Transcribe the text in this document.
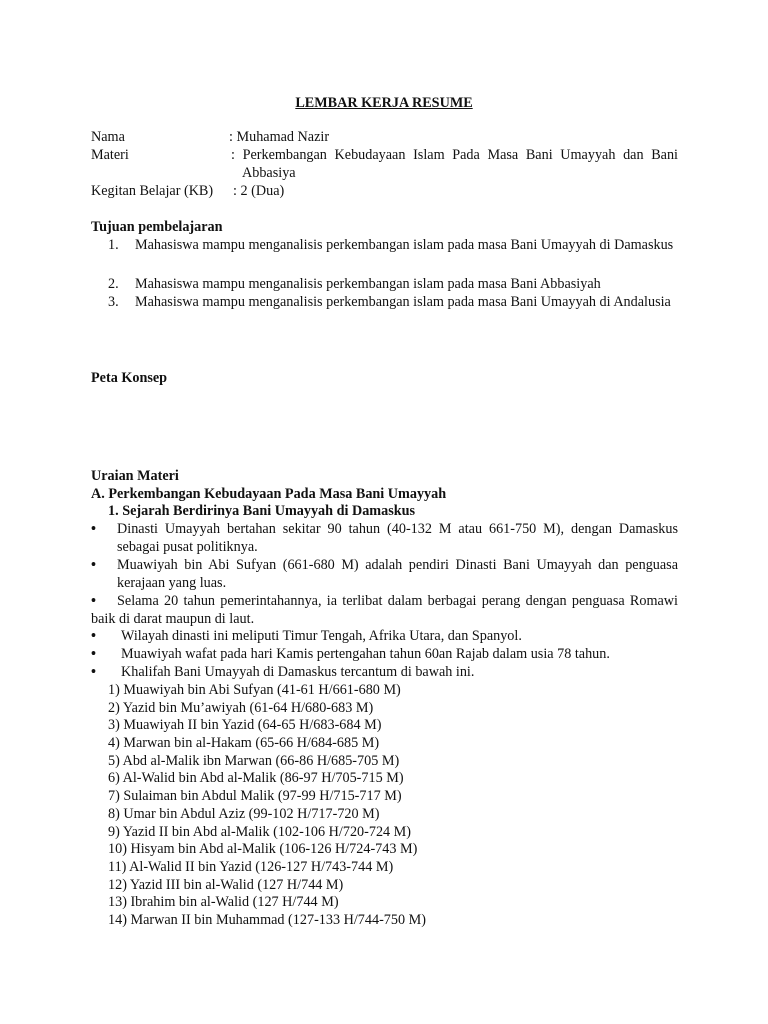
LEMBAR KERJA RESUME
Nama	: Muhamad Nazir
Materi	: Perkembangan Kebudayaan Islam Pada Masa Bani Umayyah dan Bani
Abbasiya
Kegitan Belajar (KB) : 2 (Dua)
Tujuan pembelajaran
1. Mahasiswa mampu menganalisis perkembangan islam pada masa Bani Umayyah di Damaskus
2. Mahasiswa mampu menganalisis perkembangan islam pada masa Bani Abbasiyah
3. Mahasiswa mampu menganalisis perkembangan islam pada masa Bani Umayyah di Andalusia
Peta Konsep
Uraian Materi
A. Perkembangan Kebudayaan Pada Masa Bani Umayyah
1. Sejarah Berdirinya Bani Umayyah di Damaskus
• Dinasti Umayyah bertahan sekitar 90 tahun (40-132 M atau 661-750 M), dengan Damaskus sebagai pusat politiknya.
• Muawiyah bin Abi Sufyan (661-680 M) adalah pendiri Dinasti Bani Umayyah dan penguasa kerajaan yang luas.
•	Selama 20 tahun pemerintahannya, ia terlibat dalam berbagai perang dengan penguasa Romawi baik di darat maupun di laut.
• Wilayah dinasti ini meliputi Timur Tengah, Afrika Utara, dan Spanyol.
• Muawiyah wafat pada hari Kamis pertengahan tahun 60an Rajab dalam usia 78 tahun.
• Khalifah Bani Umayyah di Damaskus tercantum di bawah ini.
1) Muawiyah bin Abi Sufyan (41-61 H/661-680 M)
2) Yazid bin Mu’awiyah (61-64 H/680-683 M)
3) Muawiyah II bin Yazid (64-65 H/683-684 M)
4) Marwan bin al-Hakam (65-66 H/684-685 M)
5) Abd al-Malik ibn Marwan (66-86 H/685-705 M)
6) Al-Walid bin Abd al-Malik (86-97 H/705-715 M)
7) Sulaiman bin Abdul Malik (97-99 H/715-717 M)
8) Umar bin Abdul Aziz (99-102 H/717-720 M)
9) Yazid II bin Abd al-Malik (102-106 H/720-724 M)
10) Hisyam bin Abd al-Malik (106-126 H/724-743 M)
11) Al-Walid II bin Yazid (126-127 H/743-744 M)
12) Yazid III bin al-Walid (127 H/744 M)
13) Ibrahim bin al-Walid (127 H/744 M)
14) Marwan II bin Muhammad (127-133 H/744-750 M)
